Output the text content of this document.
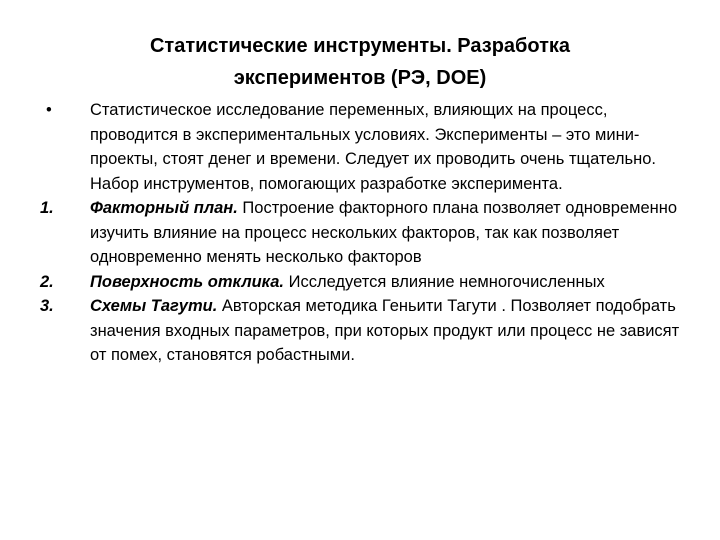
Статистические инструменты. Разработка
экспериментов (РЭ, DOE)
•	Статистическое исследование переменных, влияющих на процесс, проводится в экспериментальных условиях. Эксперименты – это мини-проекты, стоят денег и времени. Следует их проводить очень тщательно. Набор инструментов, помогающих разработке эксперимента.
1.	Факторный план. Построение факторного плана позволяет одновременно изучить влияние на процесс нескольких факторов, так как позволяет одновременно менять несколько факторов
2.	Поверхность отклика. Исследуется влияние немногочисленных
3.	Схемы Тагути. Авторская методика Геньити Тагути . Позволяет подобрать значения входных параметров, при которых продукт или процесс не зависят от помех, становятся робастными.
